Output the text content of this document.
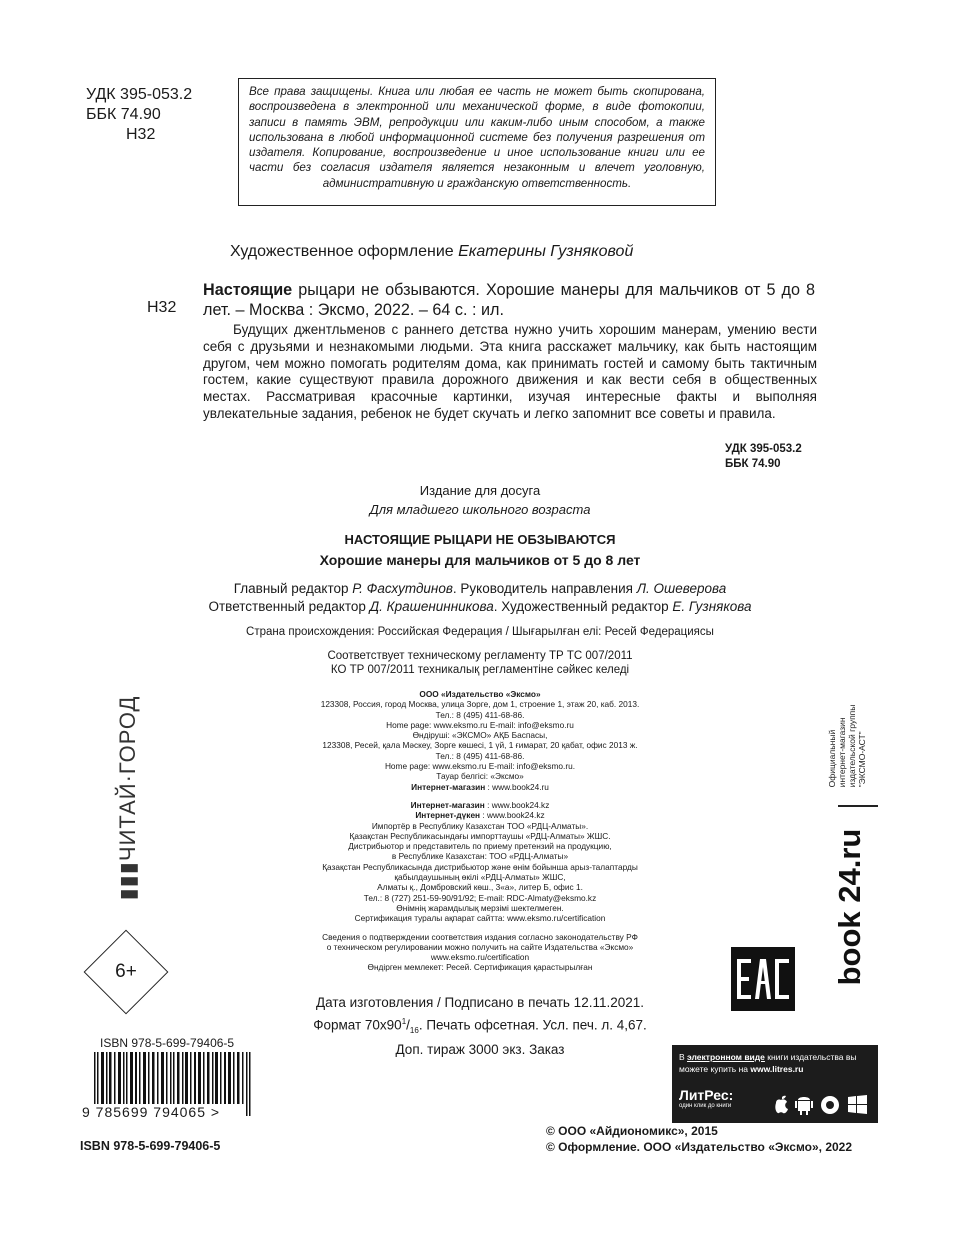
УДК 395-053.2
ББК 74.90
Н32
Все права защищены. Книга или любая ее часть не может быть скопирована, воспроизведена в электронной или механической форме, в виде фотокопии, записи в память ЭВМ, репродукции или каким-либо иным способом, а также использована в любой информационной системе без получения разрешения от издателя. Копирование, воспроизведение и иное использование книги или ее части без согласия издателя является незаконным и влечет уголовную, административную и гражданскую ответственность.
Художественное оформление Екатерины Гузняковой
Н32
Настоящие рыцари не обзываются. Хорошие манеры для мальчиков от 5 до 8 лет. – Москва : Эксмо, 2022. – 64 с. : ил.
Будущих джентльменов с раннего детства нужно учить хорошим манерам, умению вести себя с друзьями и незнакомыми людьми. Эта книга расскажет мальчику, как быть настоящим другом, чем можно помогать родителям дома, как принимать гостей и самому быть тактичным гостем, какие существуют правила дорожного движения и как вести себя в общественных местах. Рассматривая красочные картинки, изучая интересные факты и выполняя увлекательные задания, ребенок не будет скучать и легко запомнит все советы и правила.
УДК 395-053.2
ББК 74.90
Издание для досуга
Для младшего школьного возраста
НАСТОЯЩИЕ РЫЦАРИ НЕ ОБЗЫВАЮТСЯ
Хорошие манеры для мальчиков от 5 до 8 лет
Главный редактор Р. Фасхутдинов. Руководитель направления Л. Ошеверова
Ответственный редактор Д. Крашенинникова. Художественный редактор Е. Гузнякова
Страна происхождения: Российская Федерация / Шығарылған елі: Ресей Федерациясы
Соответствует техническому регламенту ТР ТС 007/2011
КО ТР 007/2011 техникалық регламентіне сәйкес келеді
ООО «Издательство «Эксмо»
123308, Россия, город Москва, улица Зорге, дом 1, строение 1, этаж 20, каб. 2013.
Тел.: 8 (495) 411-68-86.
Home page: www.eksmo.ru E-mail: info@eksmo.ru
Өндіруші: «ЭКСМО» АҚБ Баспасы,
123308, Ресей, қала Мәскеу, Зорге көшесі, 1 үй, 1 ғимарат, 20 қабат, офис 2013 ж.
Тел.: 8 (495) 411-68-86.
Home page: www.eksmo.ru E-mail: info@eksmo.ru.
Тауар белгісі: «Эксмо»
Интернет-магазин : www.book24.ru
Интернет-магазин : www.book24.kz
Интернет-дүкен : www.book24.kz
Импортёр в Республику Казахстан ТОО «РДЦ-Алматы».
Қазақстан Республикасындағы импорттаушы «РДЦ-Алматы» ЖШС.
Дистрибьютор и представитель по приему претензий на продукцию,
в Республике Казахстан: ТОО «РДЦ-Алматы»
Қазақстан Республикасында дистрибьютор және өнім бойынша арыз-талаптарды
қабылдаушының өкілі «РДЦ-Алматы» ЖШС,
Алматы қ., Домбровский көш., 3«а», литер Б, офис 1.
Тел.: 8 (727) 251-59-90/91/92; E-mail: RDC-Almaty@eksmo.kz
Өнімнің жарамдылық мерзімі шектелмеген.
Сертификация туралы ақпарат сайтта: www.eksmo.ru/certification
Сведения о подтверждении соответствия издания согласно законодательству РФ
о техническом регулировании можно получить на сайте Издательства «Эксмо»
www.eksmo.ru/certification
Өндірген мемлекет: Ресей. Сертификация қарастырылған
Дата изготовления / Подписано в печать 12.11.2021.
Формат $70x90^1/_{16}$. Печать офсетная. Усл. печ. л. 4,67.
Доп. тираж 3000 экз. Заказ
▮▮▮ЧИТАЙ·ГОРОД
6+
ISBN 978-5-699-79406-5
9 785699 794065 >
ISBN 978-5-699-79406-5
Официальный интернет-магазин издательской группы "ЭКСМО-АСТ"
book 24.ru
В электронном виде книги издательства вы можете купить на www.litres.ru
ЛитРес:
один клик до книги
© ООО «Айдиономикс», 2015
© Оформление. ООО «Издательство «Эксмо», 2022
